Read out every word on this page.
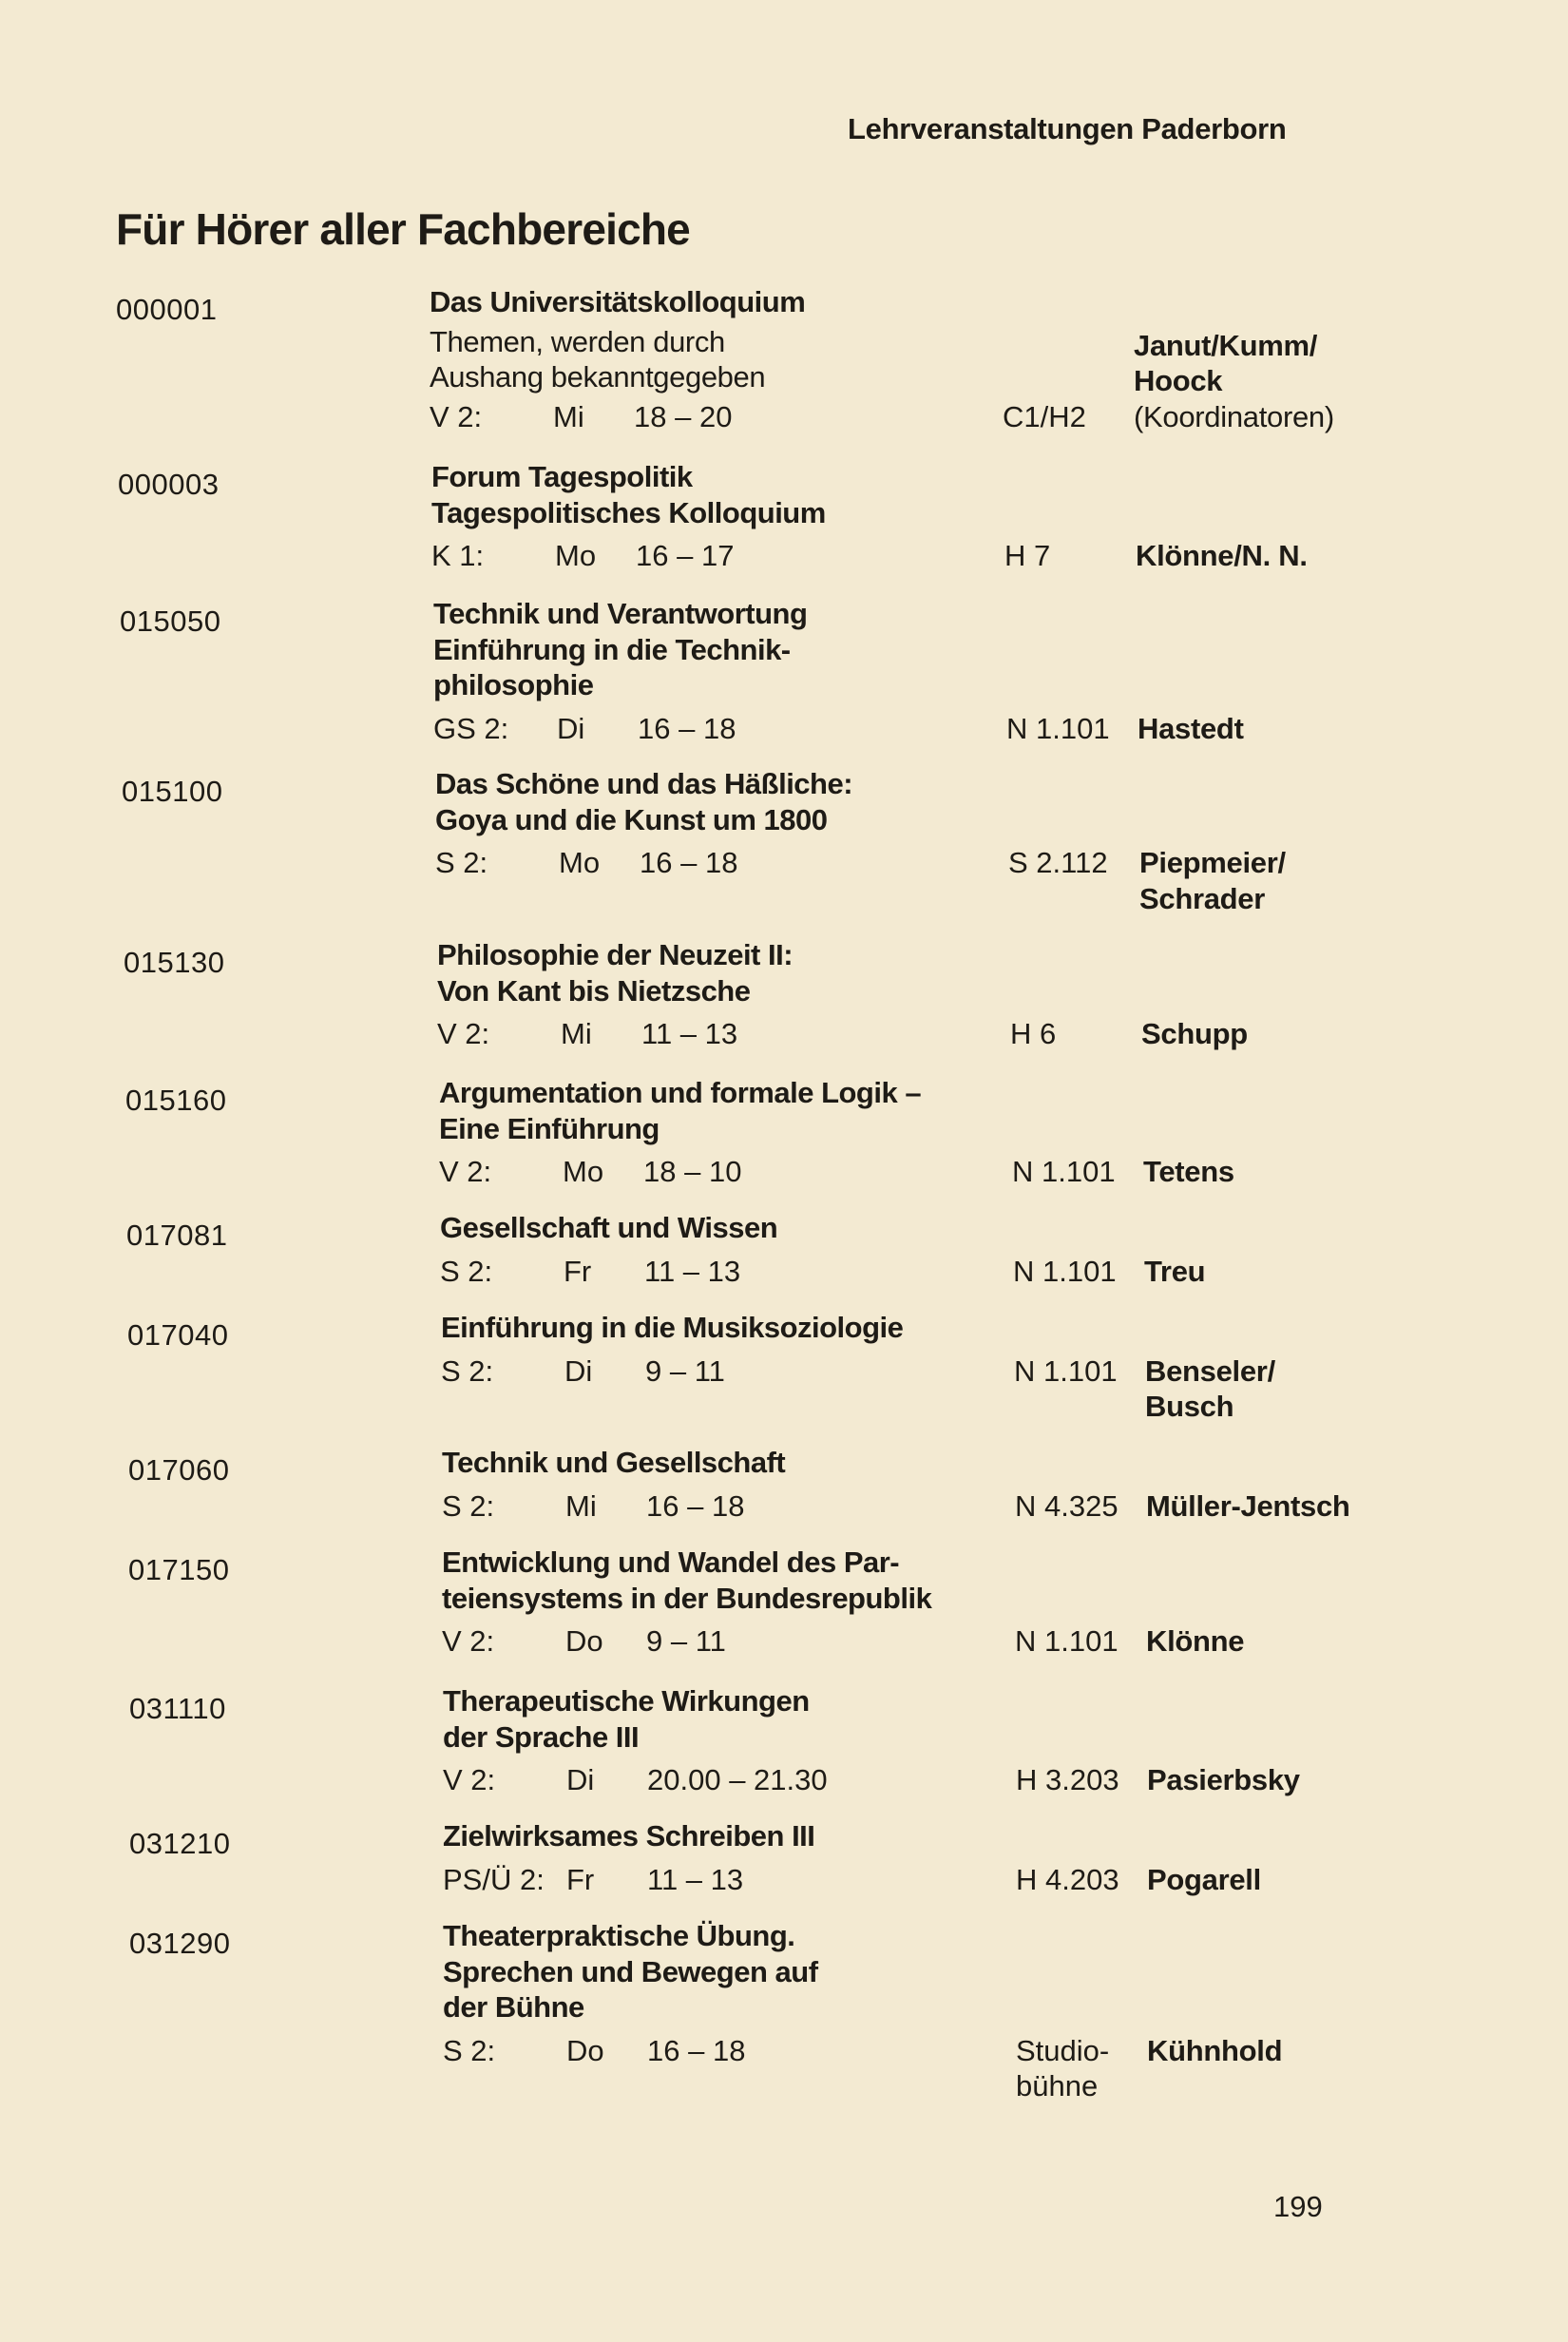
Lehrveranstaltungen Paderborn
Für Hörer aller Fachbereiche
000001	Das Universitätskolloquium
Themen, werden durch
Aushang bekanntgegeben
V 2: Mi 18 – 20	C1/H2
Janut/Kumm/
Hoock
(Koordinatoren)
000003	Forum Tagespolitik
Tagespolitisches Kolloquium
K 1: Mo 16 – 17	H 7	Klönne/N. N.
015050	Technik und Verantwortung
Einführung in die Technik-
philosophie
GS 2: Di 16 – 18	N 1.101 Hastedt
015100	Das Schöne und das Häßliche:
Goya und die Kunst um 1800
S 2: Mo 16 – 18	S 2.112 Piepmeier/
Schrader
015130	Philosophie der Neuzeit II:
Von Kant bis Nietzsche
V 2: Mi 11 – 13	H 6	Schupp
015160	Argumentation und formale Logik –
Eine Einführung
V 2: Mo 18 – 10	N 1.101 Tetens
017081	Gesellschaft und Wissen
S 2: Fr 11 – 13	N 1.101 Treu
017040	Einführung in die Musiksoziologie
S 2: Di 9 – 11	N 1.101 Benseler/
Busch
017060	Technik und Gesellschaft
S 2: Mi 16 – 18	N 4.325 Müller-Jentsch
017150	Entwicklung und Wandel des Par-
teiensystems in der Bundesrepublik
V 2: Do 9 – 11	N 1.101 Klönne
031110	Therapeutische Wirkungen
der Sprache III
V 2: Di 20.00 – 21.30	H 3.203 Pasierbsky
031210	Zielwirksames Schreiben III
PS/Ü 2: Fr 11 – 13	H 4.203 Pogarell
031290	Theaterpraktische Übung.
Sprechen und Bewegen auf
der Bühne
S 2: Do 16 – 18	Studio-
bühne
Kühnhold
199
